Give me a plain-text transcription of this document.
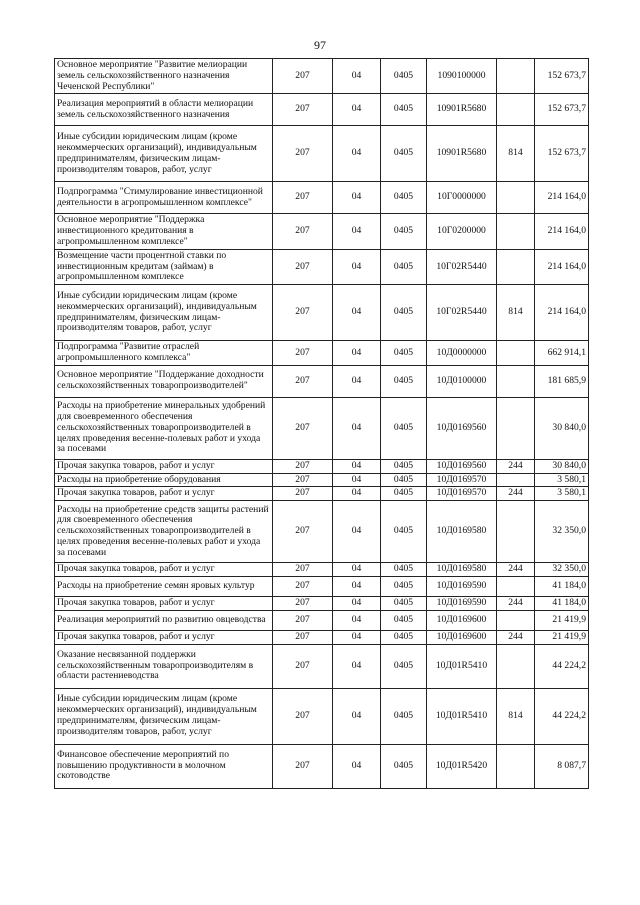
97
Основное мероприятие "Развитие мелиорации земель сельскохозяйственного назначения Чеченской Республики"	207	04	0405	1090100000		152 673,7
Реализация мероприятий в области мелиорации земель сельскохозяйственного назначения	207	04	0405	10901R5680		152 673,7
Иные субсидии юридическим лицам (кроме некоммерческих организаций), индивидуальным предпринимателям, физическим лицам-производителям товаров, работ, услуг	207	04	0405	10901R5680	814	152 673,7
Подпрограмма "Стимулирование инвестиционной деятельности в агропромышленном комплексе"	207	04	0405	10Г0000000		214 164,0
Основное мероприятие "Поддержка инвестиционного кредитования в агропромышленном комплексе"	207	04	0405	10Г0200000		214 164,0
Возмещение части процентной ставки по инвестиционным кредитам (займам) в агропромышленном комплексе	207	04	0405	10Г02R5440		214 164,0
Иные субсидии юридическим лицам (кроме некоммерческих организаций), индивидуальным предпринимателям, физическим лицам-производителям товаров, работ, услуг	207	04	0405	10Г02R5440	814	214 164,0
Подпрограмма "Развитие отраслей агропромышленного комплекса"	207	04	0405	10Д0000000		662 914,1
Основное мероприятие "Поддержание доходности сельскохозяйственных товаропроизводителей"	207	04	0405	10Д0100000		181 685,9
Расходы на приобретение минеральных удобрений для своевременного обеспечения сельскохозяйственных товаропроизводителей в целях проведения весенне-полевых работ и ухода за посевами	207	04	0405	10Д0169560		30 840,0
Прочая закупка товаров, работ и услуг	207	04	0405	10Д0169560	244	30 840,0
Расходы на приобретение оборудования	207	04	0405	10Д0169570		3 580,1
Прочая закупка товаров, работ и услуг	207	04	0405	10Д0169570	244	3 580,1
Расходы на приобретение средств защиты растений для своевременного обеспечения сельскохозяйственных товаропроизводителей в целях проведения весенне-полевых работ и ухода за посевами	207	04	0405	10Д0169580		32 350,0
Прочая закупка товаров, работ и услуг	207	04	0405	10Д0169580	244	32 350,0
Расходы на приобретение семян яровых культур	207	04	0405	10Д0169590		41 184,0
Прочая закупка товаров, работ и услуг	207	04	0405	10Д0169590	244	41 184,0
Реализация мероприятий по развитию овцеводства	207	04	0405	10Д0169600		21 419,9
Прочая закупка товаров, работ и услуг	207	04	0405	10Д0169600	244	21 419,9
Оказание несвязанной поддержки сельскохозяйственным товаропроизводителям в области растениеводства	207	04	0405	10Д01R5410		44 224,2
Иные субсидии юридическим лицам (кроме некоммерческих организаций), индивидуальным предпринимателям, физическим лицам-производителям товаров, работ, услуг	207	04	0405	10Д01R5410	814	44 224,2
Финансовое обеспечение мероприятий по повышению продуктивности в молочном скотоводстве	207	04	0405	10Д01R5420		8 087,7
